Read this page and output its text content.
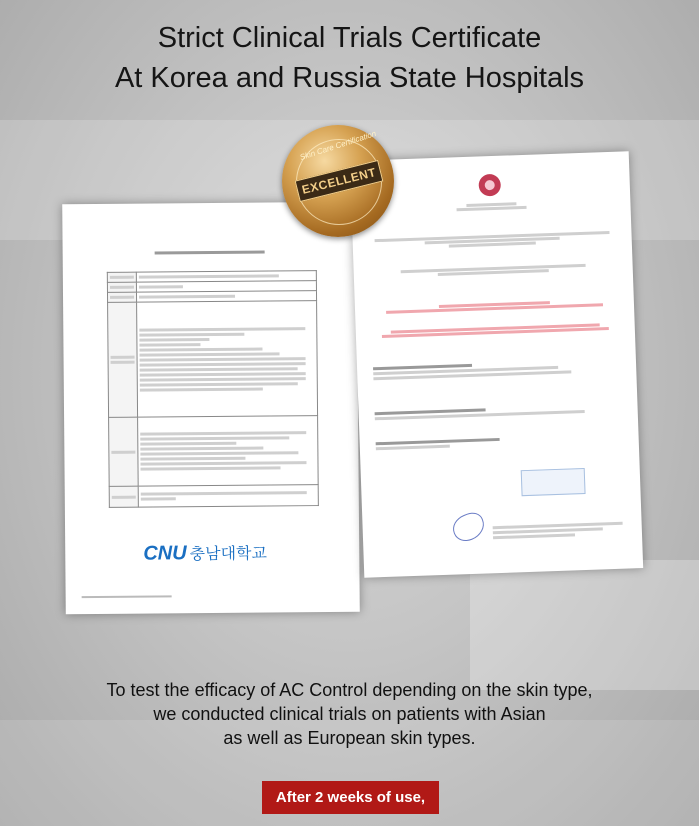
Strict Clinical Trials Certificate
At Korea and Russia State Hospitals

CNU 충남대학교
Skin Care Certification
EXCELLENT
To test the efficacy of AC Control depending on the skin type,
we conducted clinical trials on patients with Asian
as well as European skin types.
After 2 weeks of use,
